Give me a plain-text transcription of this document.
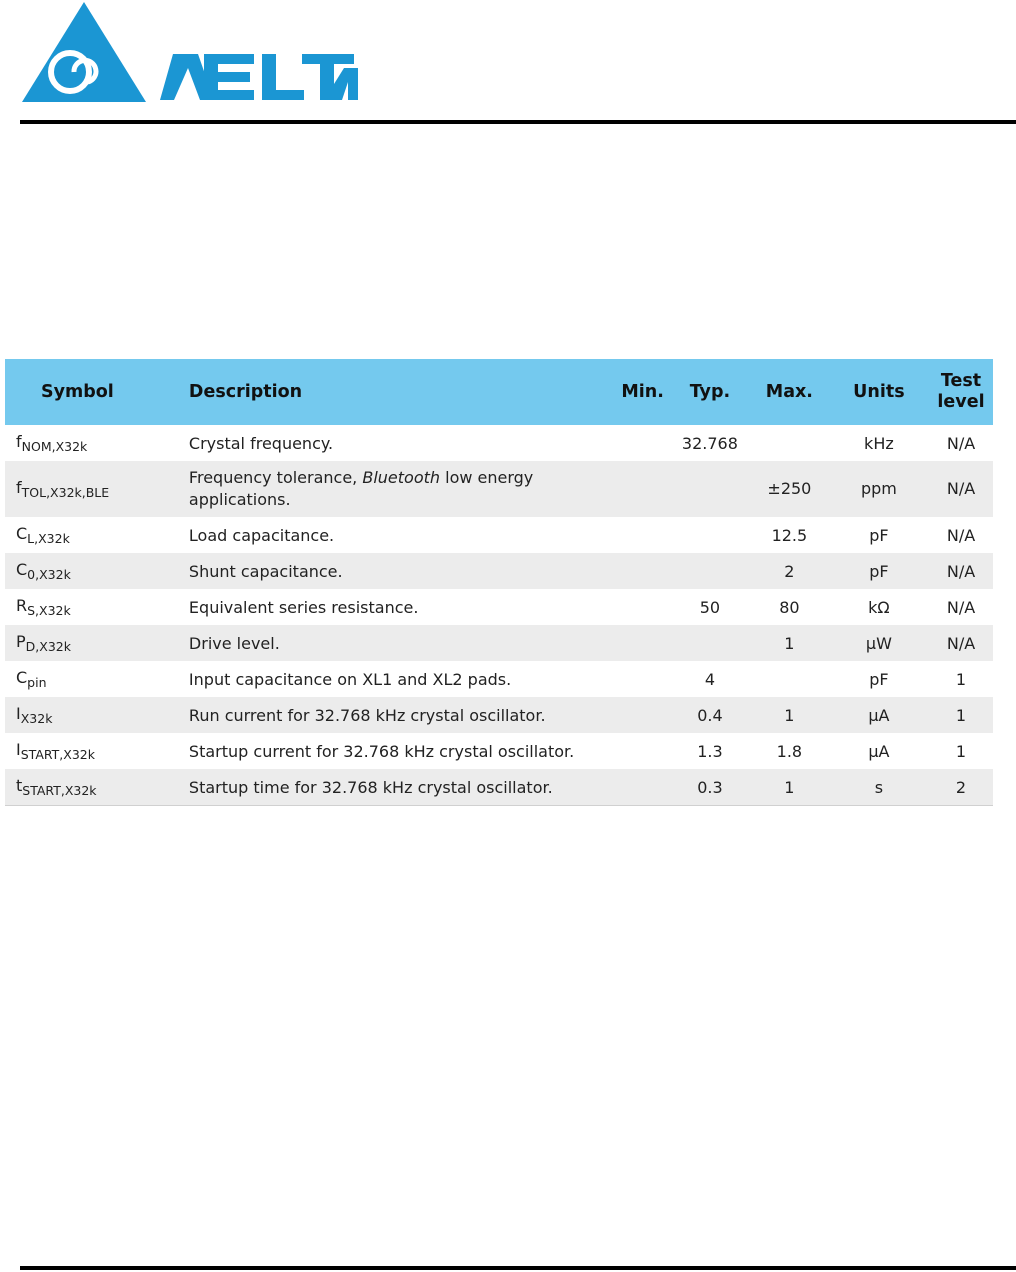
Symbol	Description	Min.	Typ.	Max.	Units	Test level
$f_{NOM,X32k}$	Crystal frequency.		32.768		kHz	N/A
$f_{TOL,X32k,BLE}$	Frequency tolerance, Bluetooth low energy applications.			±250	ppm	N/A
$C_{L,X32k}$	Load capacitance.			12.5	pF	N/A
$C_{0,X32k}$	Shunt capacitance.			2	pF	N/A
$R_{S,X32k}$	Equivalent series resistance.		50	80	kΩ	N/A
$P_{D,X32k}$	Drive level.			1	μW	N/A
$C_{pin}$	Input capacitance on XL1 and XL2 pads.		4		pF	1
$I_{X32k}$	Run current for 32.768 kHz crystal oscillator.		0.4	1	μA	1
$I_{START,X32k}$	Startup current for 32.768 kHz crystal oscillator.		1.3	1.8	μA	1
$t_{START,X32k}$	Startup time for 32.768 kHz crystal oscillator.		0.3	1	s	2
